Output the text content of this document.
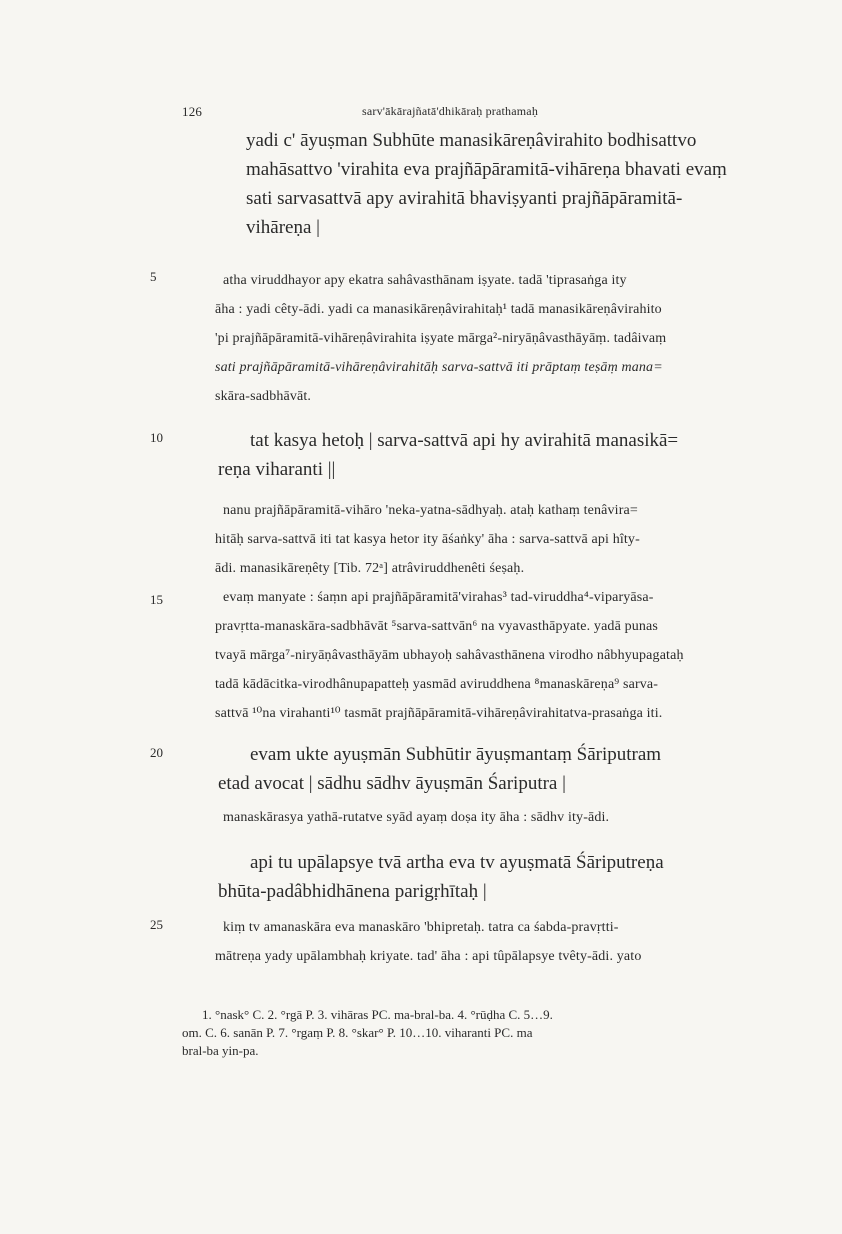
126	sarv'ākārajñatā'dhikāraḥ prathamaḥ
5
10
15
20
25
yadi c' āyuṣman Subhūte manasikāreṇâvirahito bodhisattvo
mahāsattvo 'virahita eva prajñāpāramitā-vihāreṇa bhavati evaṃ
sati sarvasattvā apy avirahitā bhaviṣyanti prajñāpāramitā-
vihāreṇa |
atha viruddhayor apy ekatra sahâvasthānam iṣyate. tadā 'tiprasaṅga ity
āha : yadi cêty-ādi. yadi ca manasikāreṇâvirahitaḥ¹ tadā manasikāreṇâvirahito
'pi prajñāpāramitā-vihāreṇâvirahita iṣyate mārga²-niryāṇâvasthāyāṃ. tadâivaṃ
sati prajñāpāramitā-vihāreṇâvirahitāḥ sarva-sattvā iti prāptaṃ teṣāṃ mana=
skāra-sadbhāvāt.
tat kasya hetoḥ | sarva-sattvā api hy avirahitā manasikā=
reṇa viharanti ||
nanu prajñāpāramitā-vihāro 'neka-yatna-sādhyaḥ. ataḥ kathaṃ tenâvira=
hitāḥ sarva-sattvā iti tat kasya hetor ity āśaṅky' āha : sarva-sattvā api hîty-
ādi. manasikāreṇêty [Tib. 72ᵃ] atrâviruddhenêti śeṣaḥ.
evaṃ manyate : śaṃn api prajñāpāramitā'virahas³ tad-viruddha⁴-viparyāsa-
pravṛtta-manaskāra-sadbhāvāt ⁵sarva-sattvān⁶ na vyavasthāpyate. yadā punas
tvayā mārga⁷-niryāṇâvasthāyām ubhayoḥ sahâvasthānena virodho nâbhyupagataḥ
tadā kādācitka-virodhânupapatteḥ yasmād aviruddhena ⁸manaskāreṇa⁹ sarva-
sattvā ¹⁰na virahanti¹⁰ tasmāt prajñāpāramitā-vihāreṇâvirahitatva-prasaṅga iti.
evam ukte ayuṣmān Subhūtir āyuṣmantaṃ Śāriputram
etad avocat | sādhu sādhv āyuṣmān Śariputra |
manaskārasya yathā-rutatve syād ayaṃ doṣa ity āha : sādhv ity-ādi.
api tu upālapsye tvā artha eva tv ayuṣmatā Śāriputreṇa
bhūta-padâbhidhānena parigṛhītaḥ |
kiṃ tv amanaskāra eva manaskāro 'bhipretaḥ. tatra ca śabda-pravṛtti-
mātreṇa yady upālambhaḥ kriyate. tad' āha : api tûpālapsye tvêty-ādi. yato
1. °nask° C. 2. °rgā P. 3. vihāras PC. ma-bral-ba. 4. °rūḍha C. 5…9.
om. C. 6. sanān P. 7. °rgaṃ P. 8. °skar° P. 10…10. viharanti PC. ma
bral-ba yin-pa.
